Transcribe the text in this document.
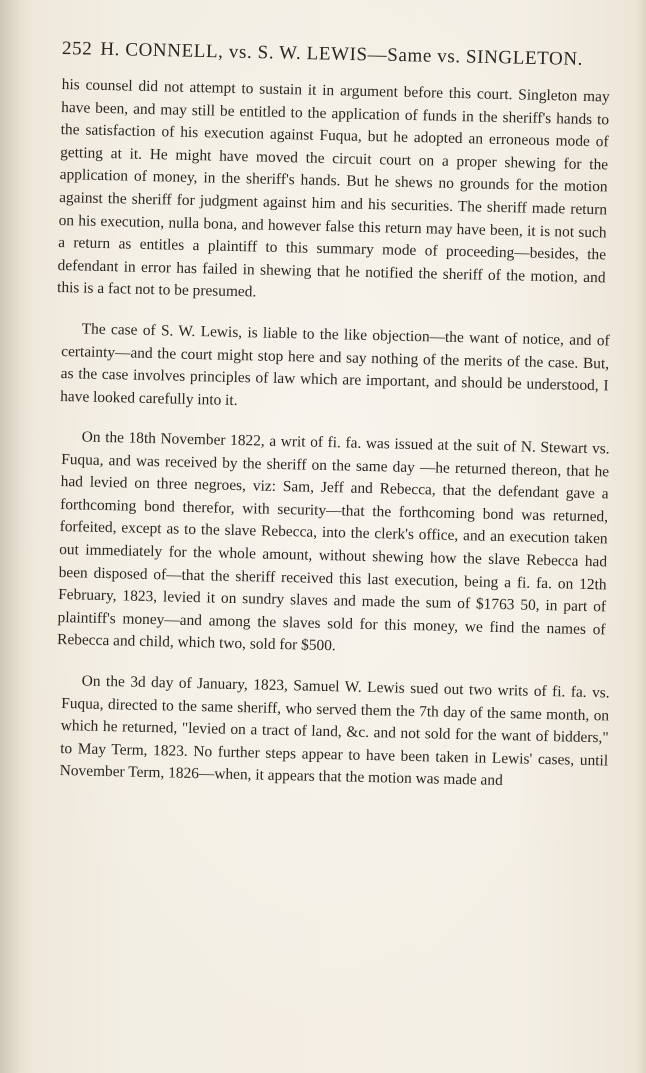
252 H. CONNELL, vs. S. W. LEWIS—Same vs. SINGLETON.

his counsel did not attempt to sustain it in argument before this court. Singleton may have been, and may still be entitled to the application of funds in the sheriff's hands to the satisfaction of his execution against Fuqua, but he adopted an erroneous mode of getting at it. He might have moved the circuit court on a proper shewing for the application of money, in the sheriff's hands. But he shews no grounds for the motion against the sheriff for judgment against him and his securities. The sheriff made return on his execution, nulla bona, and however false this return may have been, it is not such a return as entitles a plaintiff to this summary mode of proceeding—besides, the defendant in error has failed in shewing that he notified the sheriff of the motion, and this is a fact not to be presumed.

The case of S. W. Lewis, is liable to the like objection—the want of notice, and of certainty—and the court might stop here and say nothing of the merits of the case. But, as the case involves principles of law which are important, and should be understood, I have looked carefully into it.

On the 18th November 1822, a writ of fi. fa. was issued at the suit of N. Stewart vs. Fuqua, and was received by the sheriff on the same day —he returned thereon, that he had levied on three negroes, viz: Sam, Jeff and Rebecca, that the defendant gave a forthcoming bond therefor, with security—that the forthcoming bond was returned, forfeited, except as to the slave Rebecca, into the clerk's office, and an execution taken out immediately for the whole amount, without shewing how the slave Rebecca had been disposed of—that the sheriff received this last execution, being a fi. fa. on 12th February, 1823, levied it on sundry slaves and made the sum of $1763 50, in part of plaintiff's money—and among the slaves sold for this money, we find the names of Rebecca and child, which two, sold for $500.

On the 3d day of January, 1823, Samuel W. Lewis sued out two writs of fi. fa. vs. Fuqua, directed to the same sheriff, who served them the 7th day of the same month, on which he returned, "levied on a tract of land, &c. and not sold for the want of bidders," to May Term, 1823. No further steps appear to have been taken in Lewis' cases, until November Term, 1826—when, it appears that the motion was made and
